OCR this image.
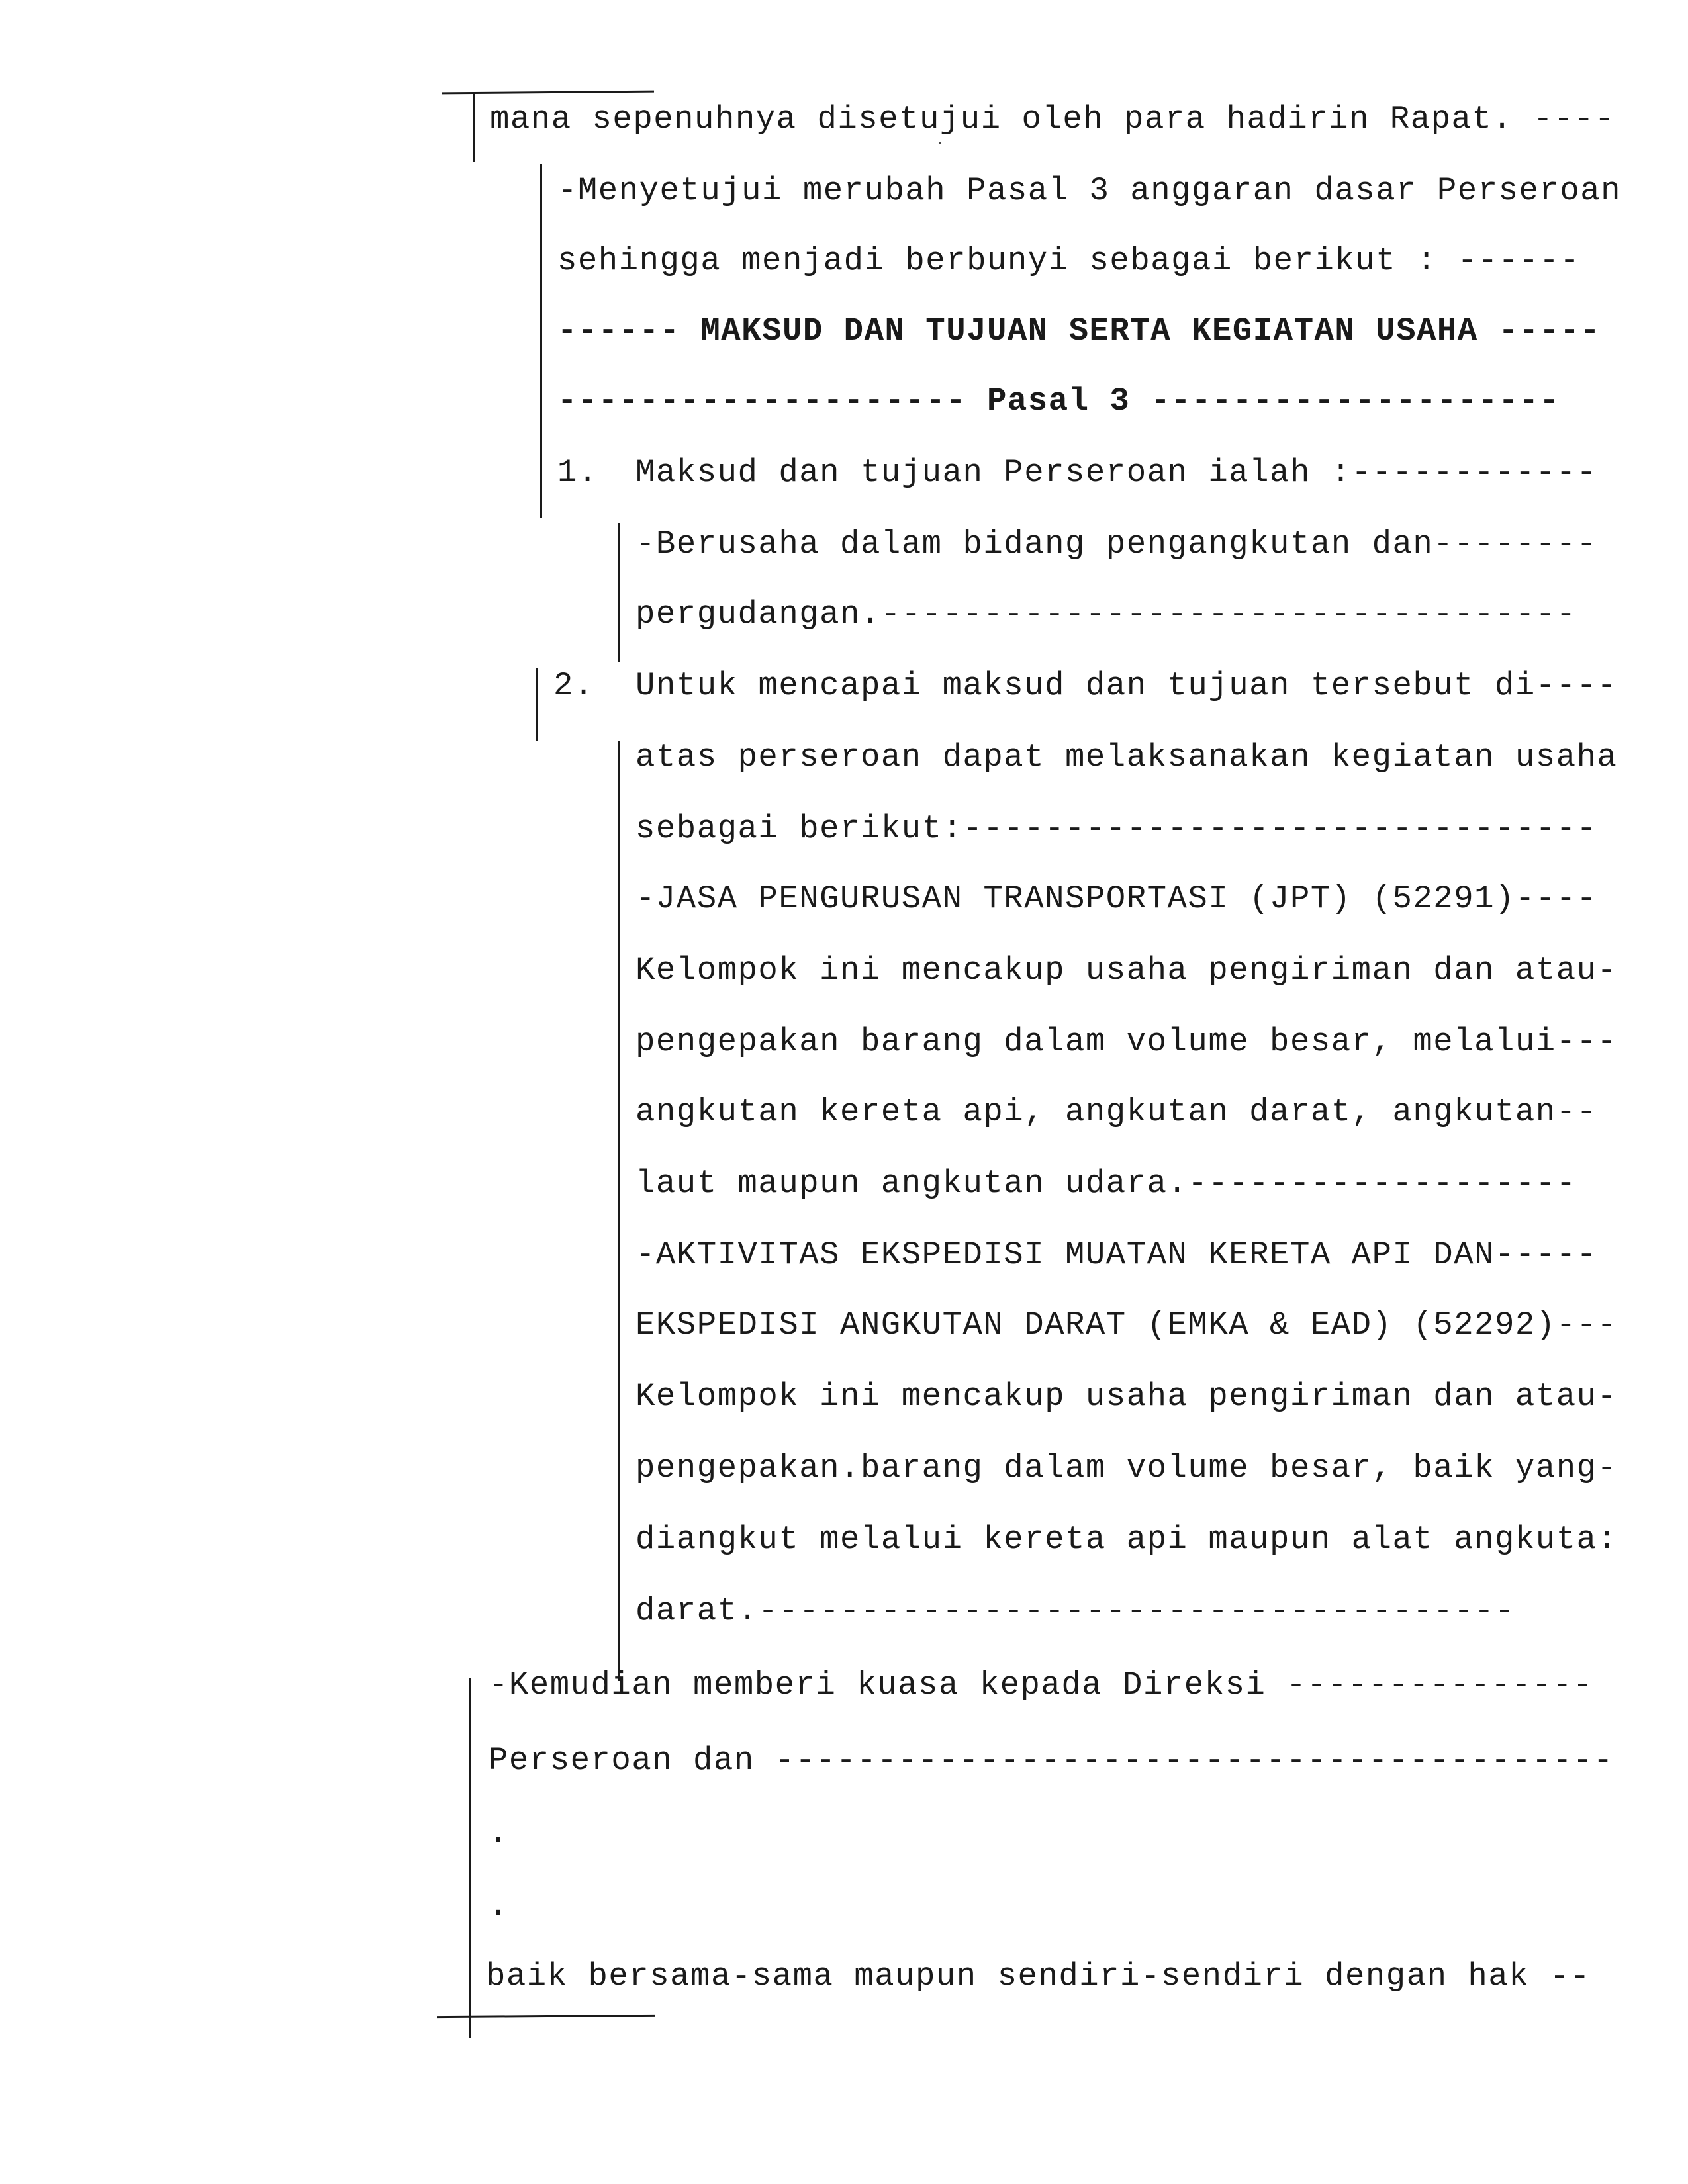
mana sepenuhnya disetujui oleh para hadirin Rapat. ----
-Menyetujui merubah Pasal 3 anggaran dasar Perseroan
sehingga menjadi berbunyi sebagai berikut : ------
------ MAKSUD DAN TUJUAN SERTA KEGIATAN USAHA -----
-------------------- Pasal 3 --------------------
1. Maksud dan tujuan Perseroan ialah :------------
-Berusaha dalam bidang pengangkutan dan--------
pergudangan.----------------------------------
2. Untuk mencapai maksud dan tujuan tersebut di----
atas perseroan dapat melaksanakan kegiatan usaha
sebagai berikut:-------------------------------
-JASA PENGURUSAN TRANSPORTASI (JPT) (52291)----
Kelompok ini mencakup usaha pengiriman dan atau-
pengepakan barang dalam volume besar, melalui---
angkutan kereta api, angkutan darat, angkutan--
laut maupun angkutan udara.-------------------
-AKTIVITAS EKSPEDISI MUATAN KERETA API DAN-----
EKSPEDISI ANGKUTAN DARAT (EMKA & EAD) (52292)---
Kelompok ini mencakup usaha pengiriman dan atau-
pengepakan.barang dalam volume besar, baik yang-
diangkut melalui kereta api maupun alat angkuta:
darat.-------------------------------------
-Kemudian memberi kuasa kepada Direksi ---------------
Perseroan dan -----------------------------------------
.
.
baik bersama-sama maupun sendiri-sendiri dengan hak --
